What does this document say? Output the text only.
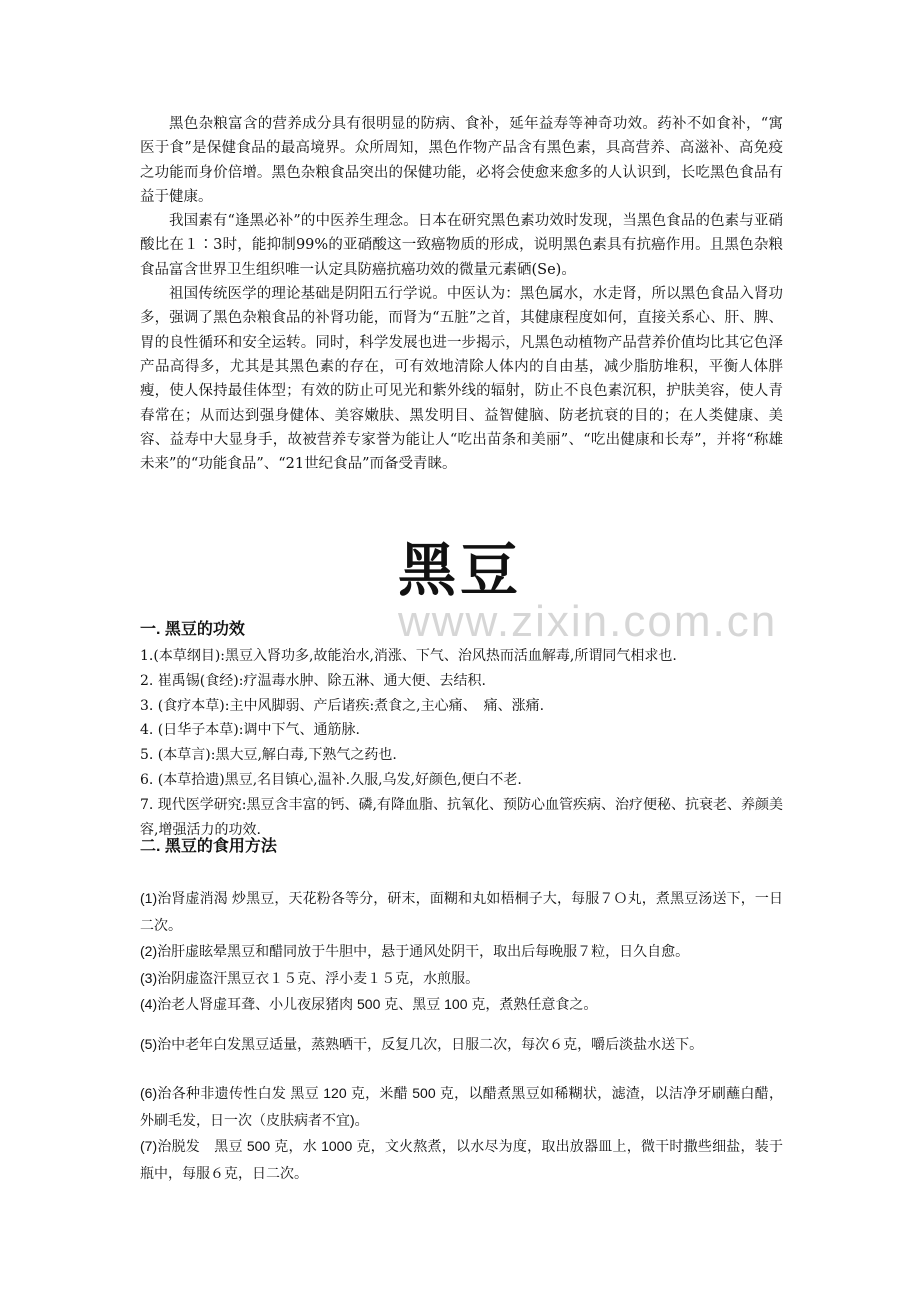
黑色杂粮富含的营养成分具有很明显的防病、食补，延年益寿等神奇功效。药补不如食补，“寓医于食”是保健食品的最高境界。众所周知，黑色作物产品含有黑色素，具高营养、高滋补、高免疫之功能而身价倍增。黑色杂粮食品突出的保健功能，必将会使愈来愈多的人认识到，长吃黑色食品有益于健康。

我国素有“逢黑必补”的中医养生理念。日本在研究黑色素功效时发现，当黑色食品的色素与亚硝酸比在１∶3时，能抑制99%的亚硝酸这一致癌物质的形成，说明黑色素具有抗癌作用。且黑色杂粮食品富含世界卫生组织唯一认定具防癌抗癌功效的微量元素硒(Se)。

祖国传统医学的理论基础是阴阳五行学说。中医认为：黑色属水，水走肾，所以黑色食品入肾功多，强调了黑色杂粮食品的补肾功能，而肾为“五脏”之首，其健康程度如何，直接关系心、肝、脾、胃的良性循环和安全运转。同时，科学发展也进一步揭示，凡黑色动植物产品营养价值均比其它色泽产品高得多，尤其是其黑色素的存在，可有效地清除人体内的自由基，减少脂肪堆积，平衡人体胖瘦，使人保持最佳体型；有效的防止可见光和紫外线的辐射，防止不良色素沉积，护肤美容，使人青春常在；从而达到强身健体、美容嫩肤、黑发明目、益智健脑、防老抗衰的目的；在人类健康、美容、益寿中大显身手，故被营养专家誉为能让人“吃出苗条和美丽”、“吃出健康和长寿”，并将“称雄未来”的“功能食品”、“21世纪食品”而备受青睐。

黑豆
www.zixin.com.cn

一. 黑豆的功效

1.(本草纲目):黑豆入肾功多,故能治水,消涨、下气、治风热而活血解毒,所谓同气相求也.

2. 崔禹锡(食经):疗温毒水肿、除五淋、通大便、去结积.

3. (食疗本草):主中风脚弱、产后诸疾:煮食之,主心痛、　痛、涨痛.

4. (日华子本草):调中下气、通筋脉.

5. (本草言):黑大豆,解白毒,下熟气之药也.

6. (本草拾遗)黑豆,名目镇心,温补.久服,乌发,好颜色,便白不老.

7. 现代医学研究:黑豆含丰富的钙、磷,有降血脂、抗氧化、预防心血管疾病、治疗便秘、抗衰老、养颜美容,增强活力的功效.

二. 黑豆的食用方法

(1)治肾虚消渴 炒黑豆，天花粉各等分，研末，面糊和丸如梧桐子大，每服７Ｏ丸，煮黑豆汤送下，一日二次。

(2)治肝虚眩晕黑豆和醋同放于牛胆中，悬于通风处阴干，取出后每晚服７粒，日久自愈。

(3)治阴虚盗汗黑豆衣１５克、浮小麦１５克，水煎服。

(4)治老人肾虚耳聋、小儿夜尿猪肉 500 克、黑豆 100 克，煮熟任意食之。

(5)治中老年白发黑豆适量，蒸熟晒干，反复几次，日服二次，每次６克，嚼后淡盐水送下。

(6)治各种非遗传性白发 黑豆 120 克，米醋 500 克，以醋煮黑豆如稀糊状，滤渣，以洁净牙刷蘸白醋，外刷毛发，日一次（皮肤病者不宜)。

(7)治脱发　黑豆 500 克，水 1000 克，文火熬煮，以水尽为度，取出放器皿上，微干时撒些细盐，装于瓶中，每服６克，日二次。
